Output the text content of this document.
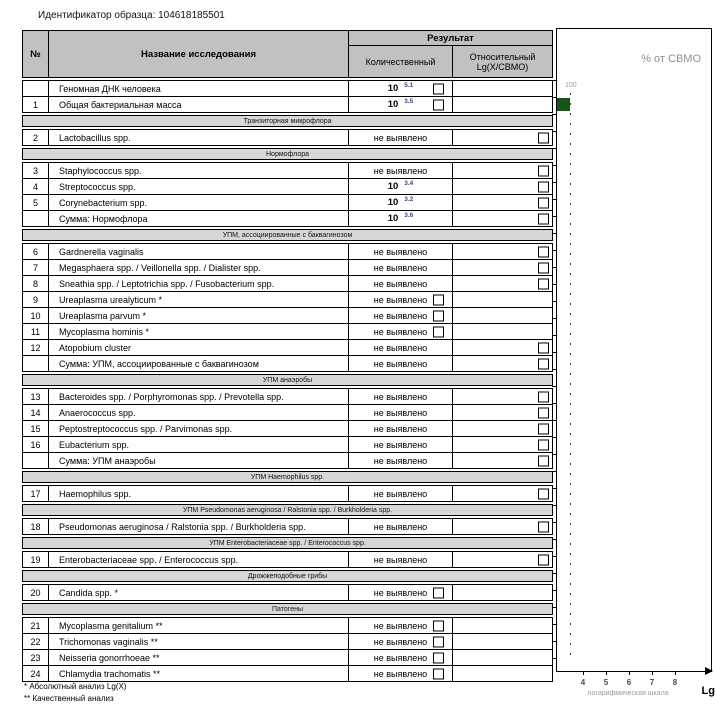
Идентификатор образца: 104618185501
№	Название исследования
Результат
Количественный	Относительный
Lg(X/СВМО)
Геномная ДНК человека	10 5.1
1 Общая бактериальная масса	10 3.5
Транзиторная микрофлора
2 Lactobacillus spp.	не выявлено
Нормофлора
3 Staphylococcus spp.	не выявлено
4 Streptococcus spp.	10 3.4
5 Corynebacterium spp.	10 3.2
Сумма: Нормофлора	10 3.6
УПМ, ассоциированные с баквагинозом
6 Gardnerella vaginalis	не выявлено
7 Megasphaera spp. / Veillonella spp. / Dialister spp.	не выявлено
8 Sneathia spp. / Leptotrichia spp. / Fusobacterium spp.	не выявлено
9 Ureaplasma urealyticum *	не выявлено
10 Ureaplasma parvum *	не выявлено
11 Mycoplasma hominis *	не выявлено
12 Atopobium cluster	не выявлено
Сумма: УПМ, ассоциированные с баквагинозом	не выявлено
УПМ анаэробы
13 Bacteroides spp. / Porphyromonas spp. / Prevotella spp.	не выявлено
14 Anaerococcus spp.	не выявлено
15 Peptostreptococcus spp. / Parvimonas spp.	не выявлено
16 Eubacterium spp.	не выявлено
Сумма: УПМ анаэробы	не выявлено
УПМ Haemophilus spp.
17 Haemophilus spp.	не выявлено
УПМ Pseudomonas aeruginosa / Ralstonia spp. / Burkholderia spp.
18 Pseudomonas aeruginosa / Ralstonia spp. / Burkholderia spp.	не выявлено
УПМ Enterobacteriaceae spp. / Enterococcus spp.
19 Enterobacteriaceae spp. / Enterococcus spp.	не выявлено
Дрожжеподобные грибы
20 Candida spp. *	не выявлено
Патогены
21 Mycoplasma genitalium **	не выявлено
22 Trichomonas vaginalis **	не выявлено
23 Neisseria gonorrhoeae **	не выявлено
24 Chlamydia trachomatis **	не выявлено
* Абсолютный анализ Lg(X)
** Качественный анализ
% от СВМО
100
логарифмическая шкала	Lg
4	5	6	7	8
